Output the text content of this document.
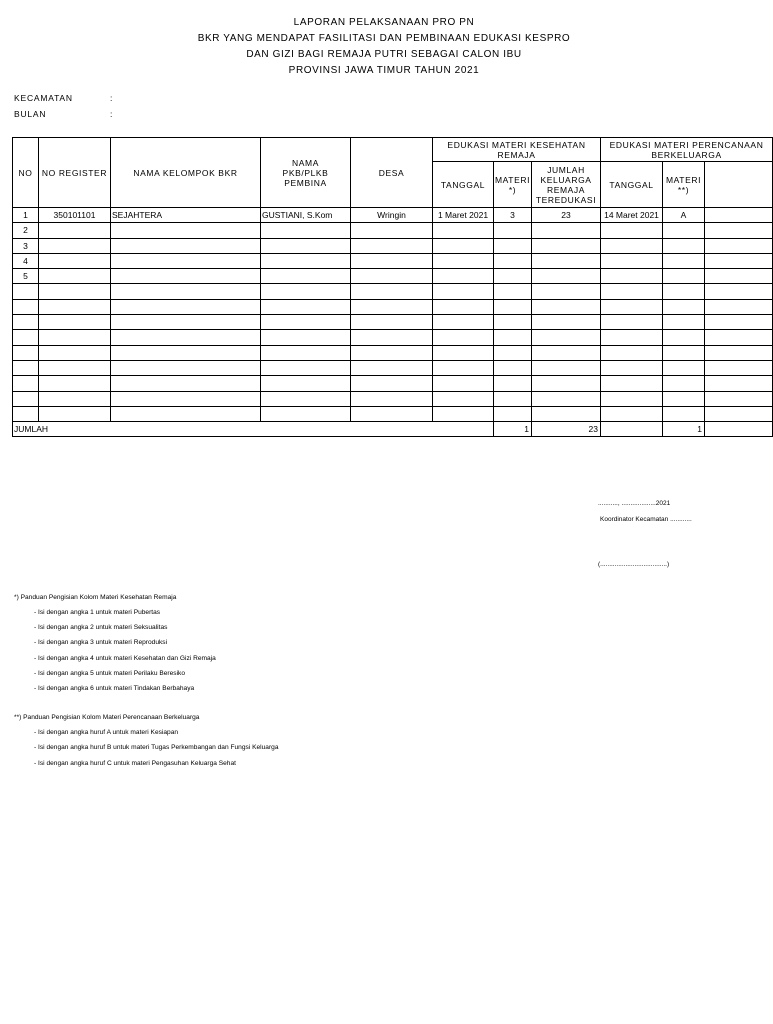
LAPORAN PELAKSANAAN PRO PN
BKR YANG MENDAPAT FASILITASI DAN PEMBINAAN EDUKASI KESPRO
DAN GIZI BAGI REMAJA PUTRI SEBAGAI CALON IBU
PROVINSI JAWA TIMUR TAHUN 2021
KECAMATAN	:
BULAN	:
NO	NO REGISTER	NAMA KELOMPOK BKR	NAMA PKB/PLKB PEMBINA	DESA	EDUKASI MATERI KESEHATAN REMAJA			EDUKASI MATERI PERENCANAAN BERKELUARGA		
					TANGGAL	MATERI *)	JUMLAH KELUARGA REMAJA TEREDUKASI	TANGGAL	MATERI **)	
1	350101101	SEJAHTERA	GUSTIANI, S.Kom	Wringin	1 Maret 2021	3	23	14 Maret 2021	A	
2										
3										
4										
5										

JUMLAH						1	23		1	
..........., ...................2021
Koordinator Kecamatan ............
(.....................................)
*) Panduan Pengisian Kolom Materi Kesehatan Remaja
- Isi dengan angka 1 untuk materi Pubertas
- Isi dengan angka 2 untuk materi Seksualitas
- Isi dengan angka 3 untuk materi Reproduksi
- Isi dengan angka 4 untuk materi Kesehatan dan Gizi Remaja
- Isi dengan angka 5 untuk materi Perilaku Beresiko
- Isi dengan angka 6 untuk materi Tindakan Berbahaya
**) Panduan Pengisian Kolom Materi Perencanaan Berkeluarga
- Isi dengan angka huruf A untuk materi Kesiapan
- Isi dengan angka huruf B untuk materi Tugas Perkembangan dan Fungsi Keluarga
- Isi dengan angka huruf C untuk materi Pengasuhan Keluarga Sehat
